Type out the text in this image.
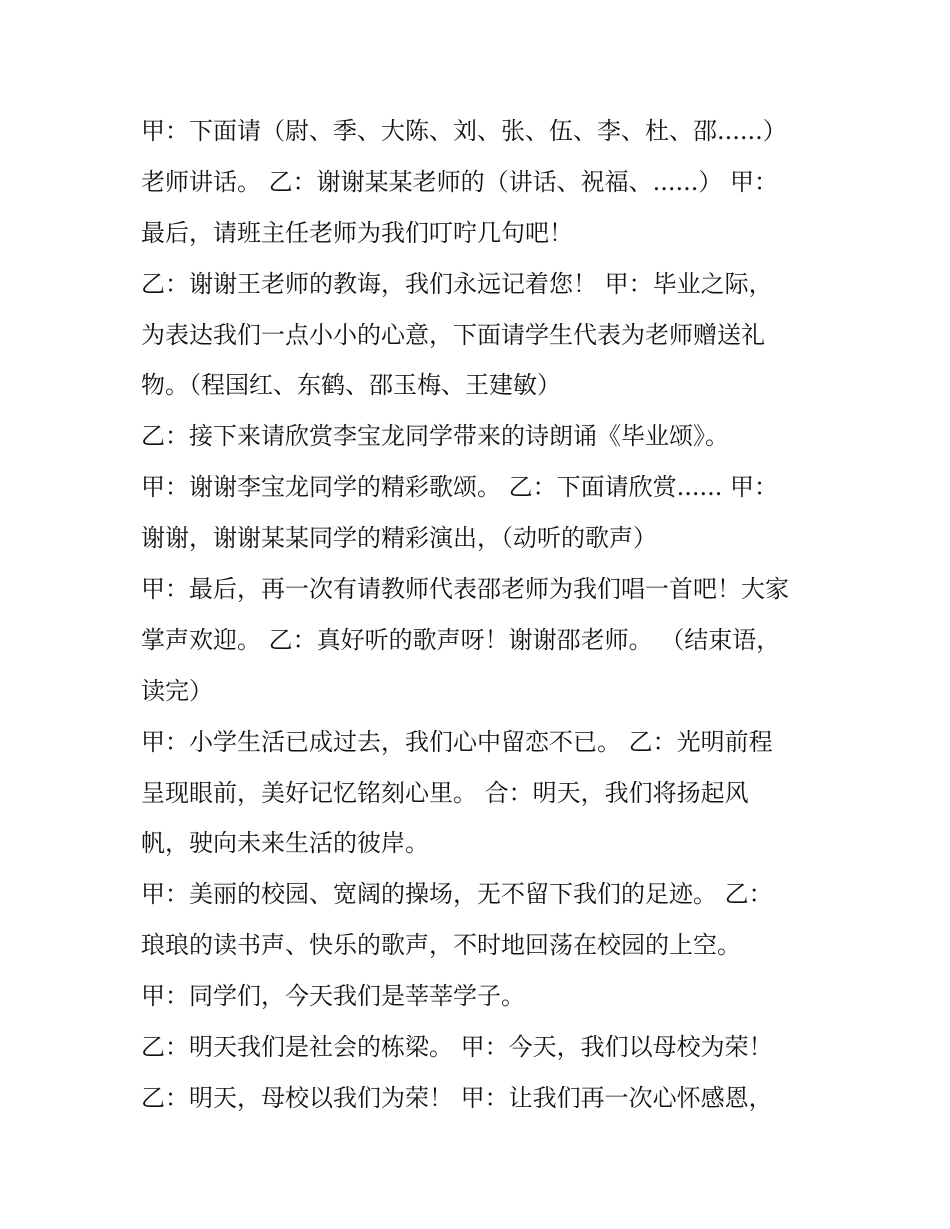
甲：下面请（尉、季、大陈、刘、张、伍、李、杜、邵......）
老师讲话。 乙：谢谢某某老师的（讲话、祝福、......） 甲：
最后，请班主任老师为我们叮咛几句吧！
乙：谢谢王老师的教诲，我们永远记着您！ 甲：毕业之际，
为表达我们一点小小的心意，下面请学生代表为老师赠送礼
物。（程国红、东鹤、邵玉梅、王建敏）
乙：接下来请欣赏李宝龙同学带来的诗朗诵《毕业颂》。
甲：谢谢李宝龙同学的精彩歌颂。 乙：下面请欣赏...... 甲：
谢谢，谢谢某某同学的精彩演出，（动听的歌声）
甲：最后，再一次有请教师代表邵老师为我们唱一首吧！大家
掌声欢迎。 乙：真好听的歌声呀！谢谢邵老师。 （结束语，
读完）
甲：小学生活已成过去，我们心中留恋不已。 乙：光明前程
呈现眼前，美好记忆铭刻心里。 合：明天，我们将扬起风
帆，驶向未来生活的彼岸。
甲：美丽的校园、宽阔的操场，无不留下我们的足迹。 乙：
琅琅的读书声、快乐的歌声，不时地回荡在校园的上空。
甲：同学们，今天我们是莘莘学子。
乙：明天我们是社会的栋梁。 甲：今天，我们以母校为荣！
乙：明天，母校以我们为荣！ 甲：让我们再一次心怀感恩，
